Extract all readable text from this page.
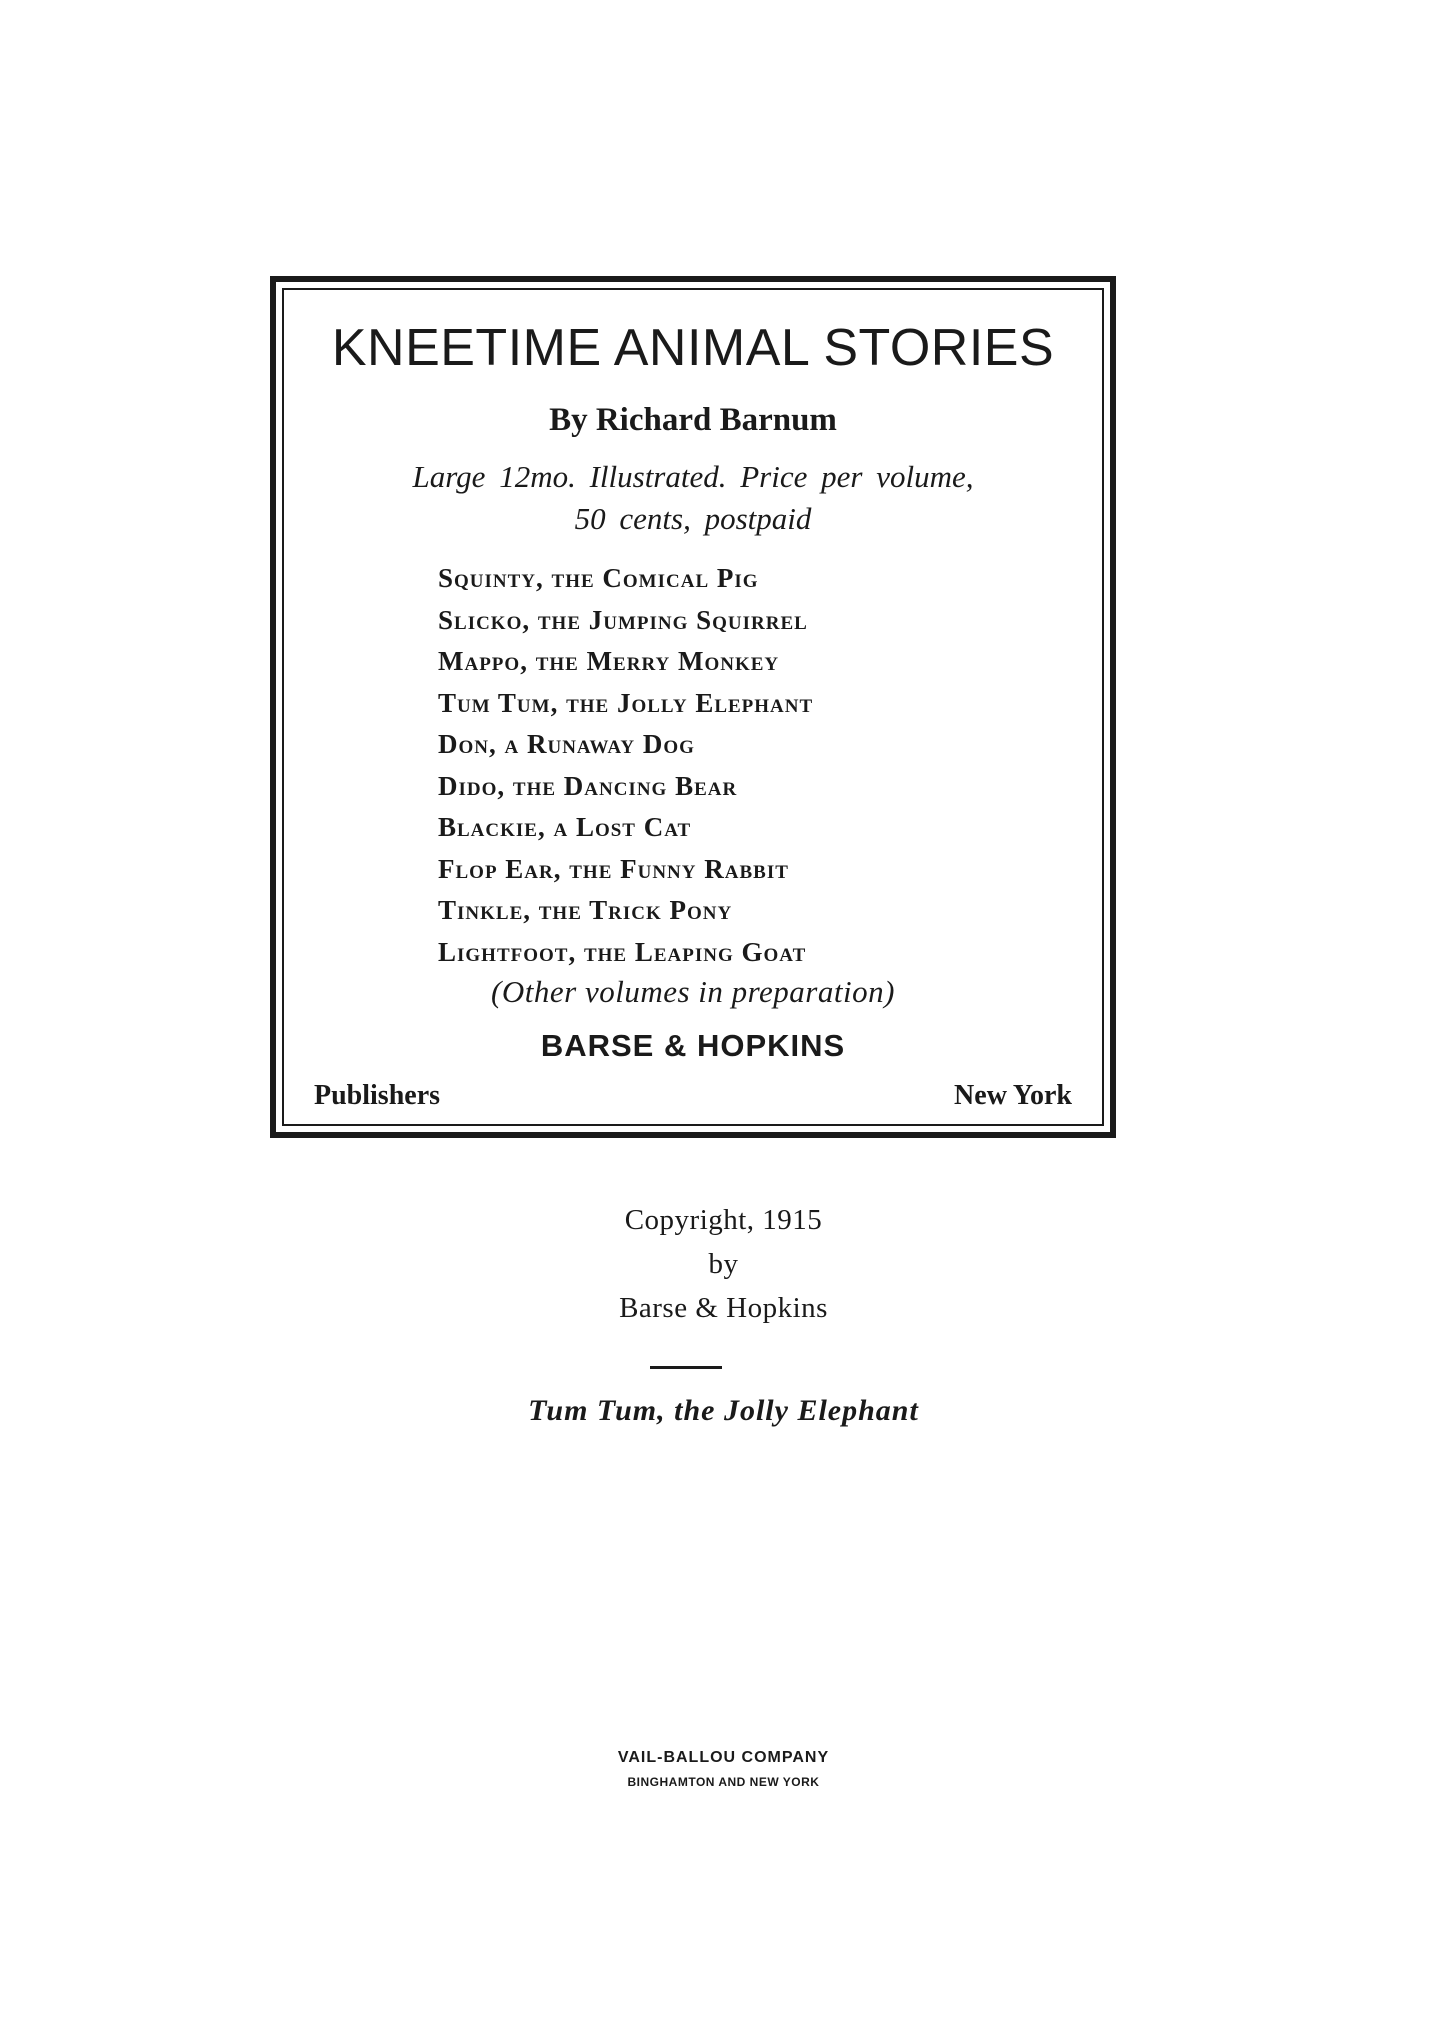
KNEETIME ANIMAL STORIES
By Richard Barnum
Large 12mo. Illustrated. Price per volume,
50 cents, postpaid
Squinty, the Comical Pig
Slicko, the Jumping Squirrel
Mappo, the Merry Monkey
Tum Tum, the Jolly Elephant
Don, a Runaway Dog
Dido, the Dancing Bear
Blackie, a Lost Cat
Flop Ear, the Funny Rabbit
Tinkle, the Trick Pony
Lightfoot, the Leaping Goat
(Other volumes in preparation)
BARSE & HOPKINS
Publishers	New York
Copyright, 1915
by
Barse & Hopkins
Tum Tum, the Jolly Elephant
VAIL-BALLOU COMPANY
BINGHAMTON AND NEW YORK
